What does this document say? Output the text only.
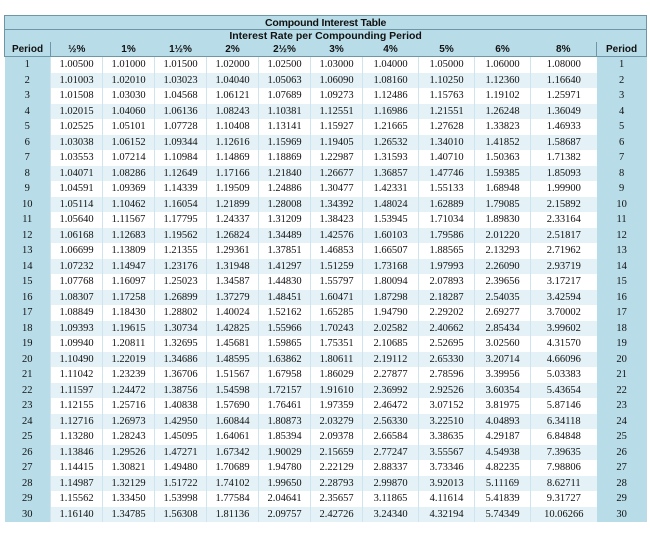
Compound Interest Table											
Interest Rate per Compounding Period											
Period	½%	1%	1½%	2%	2½%	3%	4%	5%	6%	8%	Period
1	1.00500	1.01000	1.01500	1.02000	1.02500	1.03000	1.04000	1.05000	1.06000	1.08000	1
2	1.01003	1.02010	1.03023	1.04040	1.05063	1.06090	1.08160	1.10250	1.12360	1.16640	2
3	1.01508	1.03030	1.04568	1.06121	1.07689	1.09273	1.12486	1.15763	1.19102	1.25971	3
4	1.02015	1.04060	1.06136	1.08243	1.10381	1.12551	1.16986	1.21551	1.26248	1.36049	4
5	1.02525	1.05101	1.07728	1.10408	1.13141	1.15927	1.21665	1.27628	1.33823	1.46933	5
6	1.03038	1.06152	1.09344	1.12616	1.15969	1.19405	1.26532	1.34010	1.41852	1.58687	6
7	1.03553	1.07214	1.10984	1.14869	1.18869	1.22987	1.31593	1.40710	1.50363	1.71382	7
8	1.04071	1.08286	1.12649	1.17166	1.21840	1.26677	1.36857	1.47746	1.59385	1.85093	8
9	1.04591	1.09369	1.14339	1.19509	1.24886	1.30477	1.42331	1.55133	1.68948	1.99900	9
10	1.05114	1.10462	1.16054	1.21899	1.28008	1.34392	1.48024	1.62889	1.79085	2.15892	10
11	1.05640	1.11567	1.17795	1.24337	1.31209	1.38423	1.53945	1.71034	1.89830	2.33164	11
12	1.06168	1.12683	1.19562	1.26824	1.34489	1.42576	1.60103	1.79586	2.01220	2.51817	12
13	1.06699	1.13809	1.21355	1.29361	1.37851	1.46853	1.66507	1.88565	2.13293	2.71962	13
14	1.07232	1.14947	1.23176	1.31948	1.41297	1.51259	1.73168	1.97993	2.26090	2.93719	14
15	1.07768	1.16097	1.25023	1.34587	1.44830	1.55797	1.80094	2.07893	2.39656	3.17217	15
16	1.08307	1.17258	1.26899	1.37279	1.48451	1.60471	1.87298	2.18287	2.54035	3.42594	16
17	1.08849	1.18430	1.28802	1.40024	1.52162	1.65285	1.94790	2.29202	2.69277	3.70002	17
18	1.09393	1.19615	1.30734	1.42825	1.55966	1.70243	2.02582	2.40662	2.85434	3.99602	18
19	1.09940	1.20811	1.32695	1.45681	1.59865	1.75351	2.10685	2.52695	3.02560	4.31570	19
20	1.10490	1.22019	1.34686	1.48595	1.63862	1.80611	2.19112	2.65330	3.20714	4.66096	20
21	1.11042	1.23239	1.36706	1.51567	1.67958	1.86029	2.27877	2.78596	3.39956	5.03383	21
22	1.11597	1.24472	1.38756	1.54598	1.72157	1.91610	2.36992	2.92526	3.60354	5.43654	22
23	1.12155	1.25716	1.40838	1.57690	1.76461	1.97359	2.46472	3.07152	3.81975	5.87146	23
24	1.12716	1.26973	1.42950	1.60844	1.80873	2.03279	2.56330	3.22510	4.04893	6.34118	24
25	1.13280	1.28243	1.45095	1.64061	1.85394	2.09378	2.66584	3.38635	4.29187	6.84848	25
26	1.13846	1.29526	1.47271	1.67342	1.90029	2.15659	2.77247	3.55567	4.54938	7.39635	26
27	1.14415	1.30821	1.49480	1.70689	1.94780	2.22129	2.88337	3.73346	4.82235	7.98806	27
28	1.14987	1.32129	1.51722	1.74102	1.99650	2.28793	2.99870	3.92013	5.11169	8.62711	28
29	1.15562	1.33450	1.53998	1.77584	2.04641	2.35657	3.11865	4.11614	5.41839	9.31727	29
30	1.16140	1.34785	1.56308	1.81136	2.09757	2.42726	3.24340	4.32194	5.74349	10.06266	30
